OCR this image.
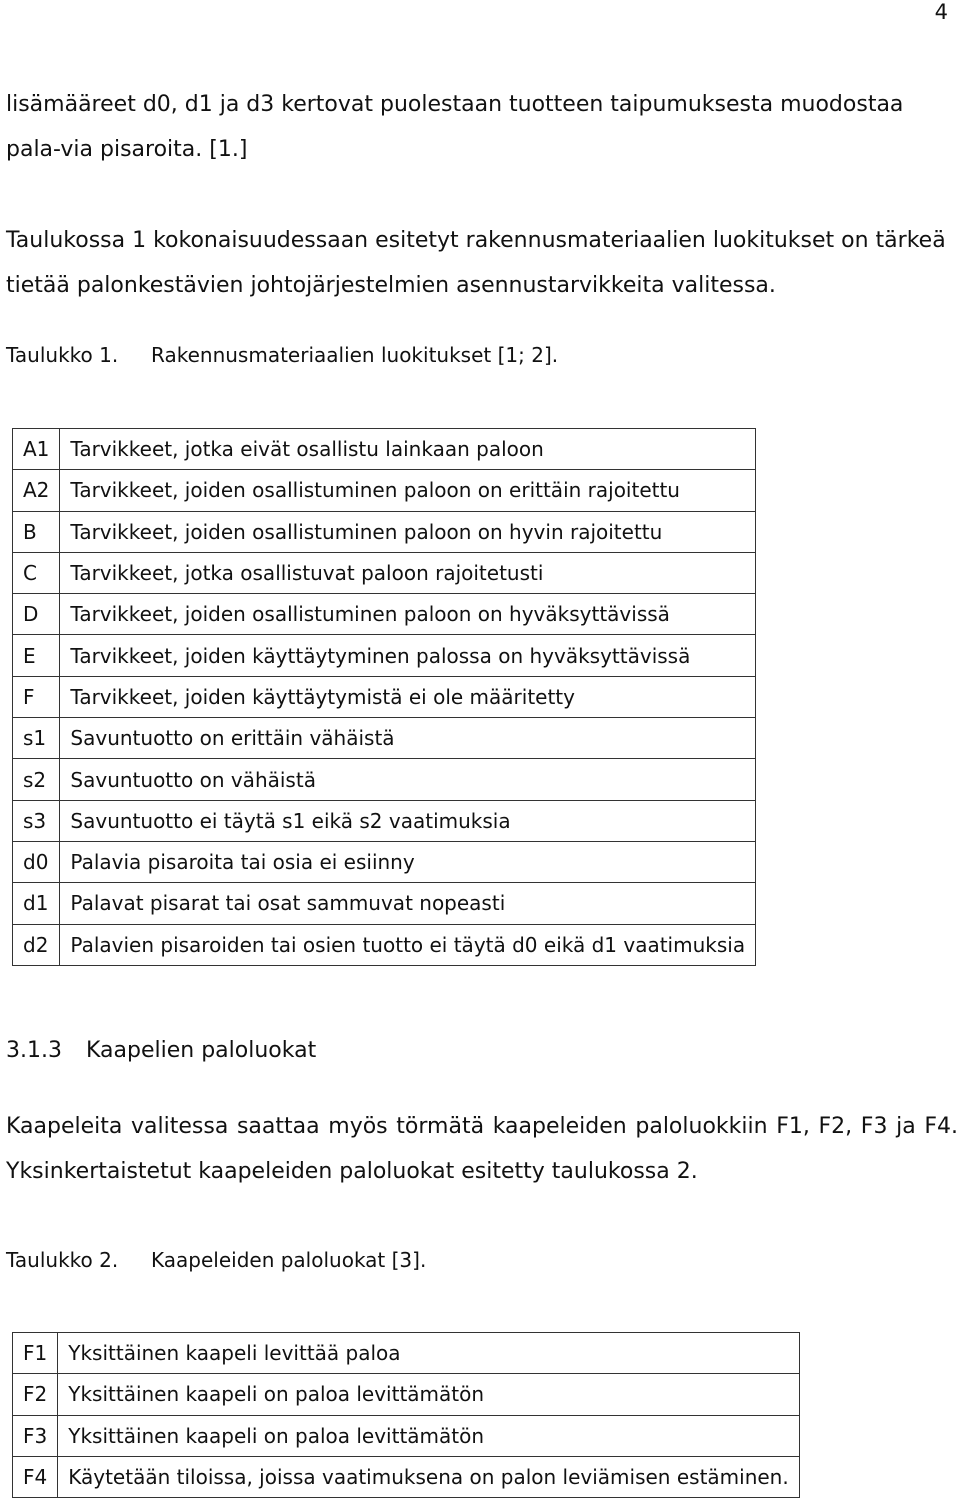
4

lisämääreet d0, d1 ja d3 kertovat puolestaan tuotteen taipumuksesta muodostaa pala-via pisaroita. [1.]

Taulukossa 1 kokonaisuudessaan esitetyt rakennusmateriaalien luokitukset on tärkeä tietää palonkestävien johtojärjestelmien asennustarvikkeita valitessa.

Taulukko 1. Rakennusmateriaalien luokitukset [1; 2].

A1	Tarvikkeet, jotka eivät osallistu lainkaan paloon
A2	Tarvikkeet, joiden osallistuminen paloon on erittäin rajoitettu
B	Tarvikkeet, joiden osallistuminen paloon on hyvin rajoitettu
C	Tarvikkeet, jotka osallistuvat paloon rajoitetusti
D	Tarvikkeet, joiden osallistuminen paloon on hyväksyttävissä
E	Tarvikkeet, joiden käyttäytyminen palossa on hyväksyttävissä
F	Tarvikkeet, joiden käyttäytymistä ei ole määritetty
s1	Savuntuotto on erittäin vähäistä
s2	Savuntuotto on vähäistä
s3	Savuntuotto ei täytä s1 eikä s2 vaatimuksia
d0	Palavia pisaroita tai osia ei esiinny
d1	Palavat pisarat tai osat sammuvat nopeasti
d2	Palavien pisaroiden tai osien tuotto ei täytä d0 eikä d1 vaatimuksia
3.1.3 Kaapelien paloluokat

Kaapeleita valitessa saattaa myös törmätä kaapeleiden paloluokkiin F1, F2, F3 ja F4. Yksinkertaistetut kaapeleiden paloluokat esitetty taulukossa 2.

Taulukko 2. Kaapeleiden paloluokat [3].

F1	Yksittäinen kaapeli levittää paloa
F2	Yksittäinen kaapeli on paloa levittämätön
F3	Yksittäinen kaapeli on paloa levittämätön
F4	Käytetään tiloissa, joissa vaatimuksena on palon leviämisen estäminen.
